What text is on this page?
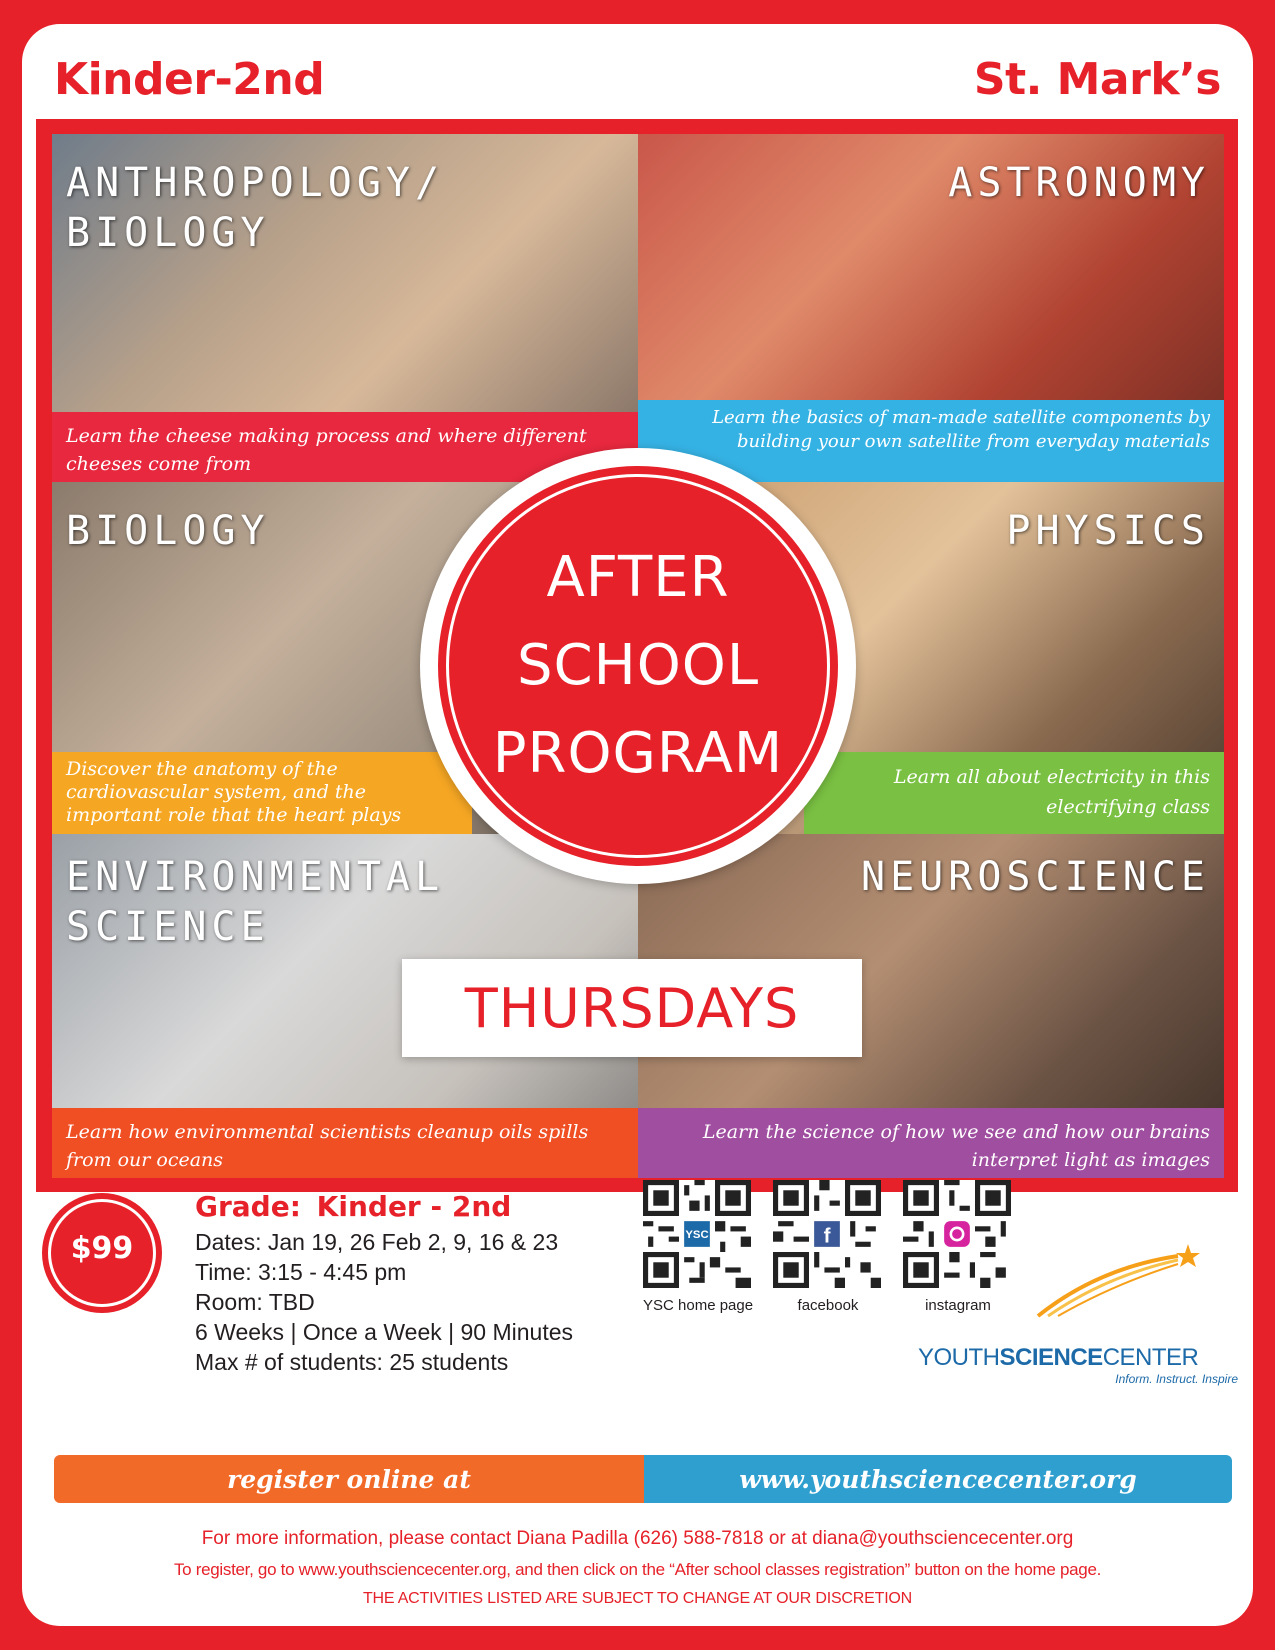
Kinder-2nd	St. Mark’s
ANTHROPOLOGY/
BIOLOGY
Learn the cheese making process and where different cheeses come from
ASTRONOMY
Learn the basics of man-made satellite components by building your own satellite from everyday materials
BIOLOGY
Discover the anatomy of the cardiovascular system, and the important role that the heart plays
PHYSICS
Learn all about electricity in this electrifying class
ENVIRONMENTAL
SCIENCE
Learn how environmental scientists cleanup oils spills from our oceans
NEUROSCIENCE
Learn the science of how we see and how our brains interpret light as images
AFTER
SCHOOL
PROGRAM
THURSDAYS
$99
Grade: Kinder - 2nd
Dates: Jan 19, 26 Feb 2, 9, 16 & 23
Time: 3:15 - 4:45 pm
Room: TBD
6 Weeks | Once a Week | 90 Minutes
Max # of students: 25 students
YSC
YSC home page
f
facebook	instagram
YOUTHSCIENCECENTER
Inform. Instruct. Inspire
register online at	www.youthsciencecenter.org
For more information, please contact Diana Padilla (626) 588-7818 or at diana@youthsciencecenter.org
To register, go to www.youthsciencecenter.org, and then click on the “After school classes registration” button on the home page.
THE ACTIVITIES LISTED ARE SUBJECT TO CHANGE AT OUR DISCRETION
